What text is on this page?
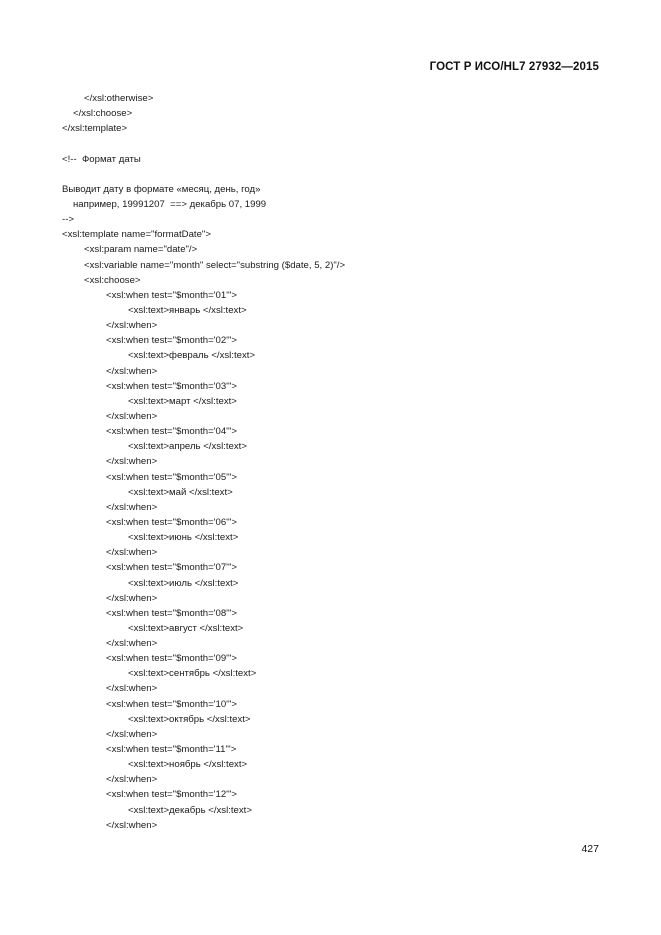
ГОСТ Р ИСО/HL7 27932—2015
</xsl:otherwise>
</xsl:choose>
</xsl:template>
<!--  Формат даты
Выводит дату в формате «месяц, день, год»
например, 19991207  ==> декабрь 07, 1999
-->
<xsl:template name="formatDate">
<xsl:param name="date"/>
<xsl:variable name="month" select="substring ($date, 5, 2)"/>
<xsl:choose>
<xsl:when test="$month='01'">
<xsl:text>январь </xsl:text>
</xsl:when>
<xsl:when test="$month='02'">
<xsl:text>февраль </xsl:text>
</xsl:when>
<xsl:when test="$month='03'">
<xsl:text>март </xsl:text>
</xsl:when>
<xsl:when test="$month='04'">
<xsl:text>апрель </xsl:text>
</xsl:when>
<xsl:when test="$month='05'">
<xsl:text>май </xsl:text>
</xsl:when>
<xsl:when test="$month='06'">
<xsl:text>июнь </xsl:text>
</xsl:when>
<xsl:when test="$month='07'">
<xsl:text>июль </xsl:text>
</xsl:when>
<xsl:when test="$month='08'">
<xsl:text>август </xsl:text>
</xsl:when>
<xsl:when test="$month='09'">
<xsl:text>сентябрь </xsl:text>
</xsl:when>
<xsl:when test="$month='10'">
<xsl:text>октябрь </xsl:text>
</xsl:when>
<xsl:when test="$month='11'">
<xsl:text>ноябрь </xsl:text>
</xsl:when>
<xsl:when test="$month='12'">
<xsl:text>декабрь </xsl:text>
</xsl:when>
427
